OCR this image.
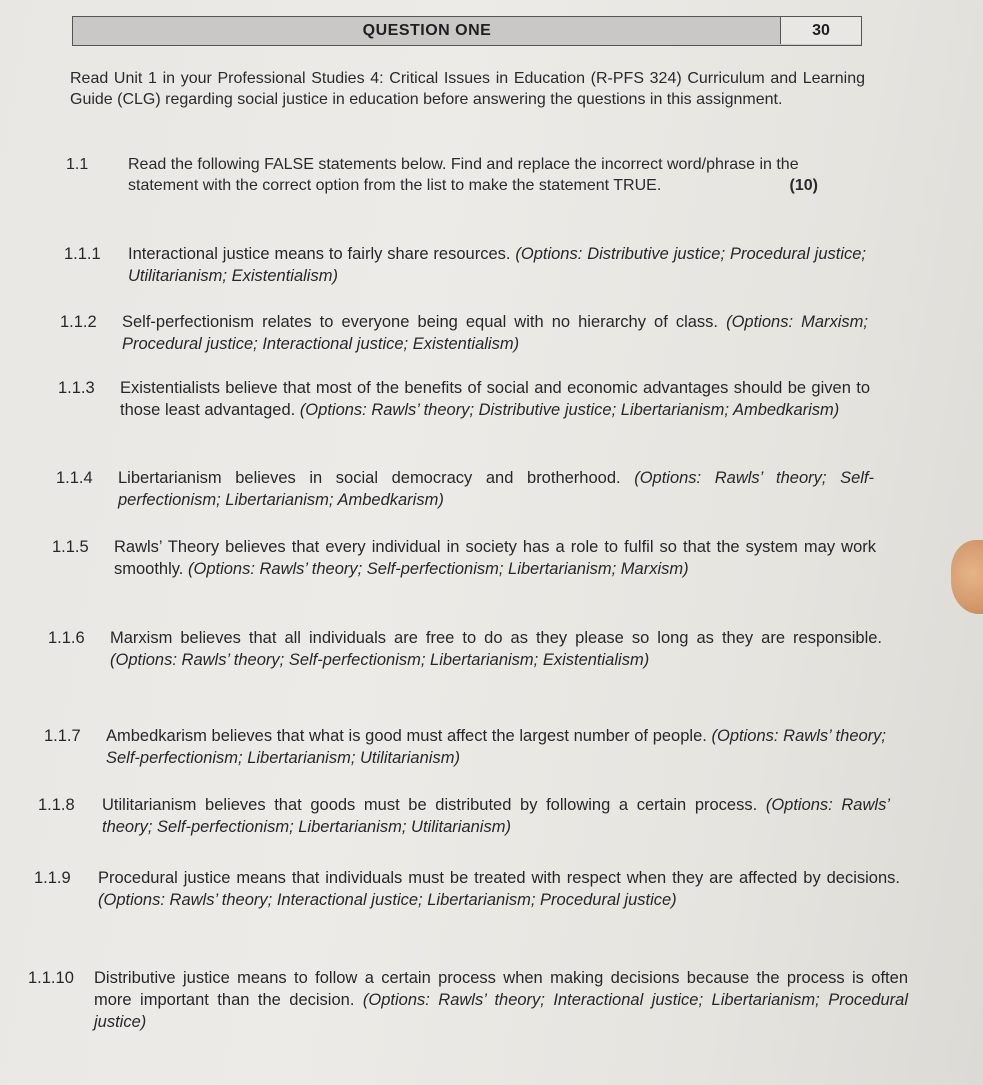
QUESTION ONE	30
Read Unit 1 in your Professional Studies 4: Critical Issues in Education (R-PFS 324) Curriculum and Learning Guide (CLG) regarding social justice in education before answering the questions in this assignment.
1.1 Read the following FALSE statements below. Find and replace the incorrect word/phrase in the statement with the correct option from the list to make the statement TRUE.	(10)
1.1.1 Interactional justice means to fairly share resources. (Options: Distributive justice; Procedural justice; Utilitarianism; Existentialism)
1.1.2 Self-perfectionism relates to everyone being equal with no hierarchy of class. (Options: Marxism; Procedural justice; Interactional justice; Existentialism)
1.1.3 Existentialists believe that most of the benefits of social and economic advantages should be given to those least advantaged. (Options: Rawls’ theory; Distributive justice; Libertarianism; Ambedkarism)
1.1.4 Libertarianism believes in social democracy and brotherhood. (Options: Rawls’ theory; Self-perfectionism; Libertarianism; Ambedkarism)
1.1.5 Rawls’ Theory believes that every individual in society has a role to fulfil so that the system may work smoothly. (Options: Rawls’ theory; Self-perfectionism; Libertarianism; Marxism)
1.1.6 Marxism believes that all individuals are free to do as they please so long as they are responsible. (Options: Rawls’ theory; Self-perfectionism; Libertarianism; Existentialism)
1.1.7 Ambedkarism believes that what is good must affect the largest number of people. (Options: Rawls’ theory; Self-perfectionism; Libertarianism; Utilitarianism)
1.1.8 Utilitarianism believes that goods must be distributed by following a certain process. (Options: Rawls’ theory; Self-perfectionism; Libertarianism; Utilitarianism)
1.1.9 Procedural justice means that individuals must be treated with respect when they are affected by decisions. (Options: Rawls’ theory; Interactional justice; Libertarianism; Procedural justice)
1.1.10 Distributive justice means to follow a certain process when making decisions because the process is often more important than the decision. (Options: Rawls’ theory; Interactional justice; Libertarianism; Procedural justice)
